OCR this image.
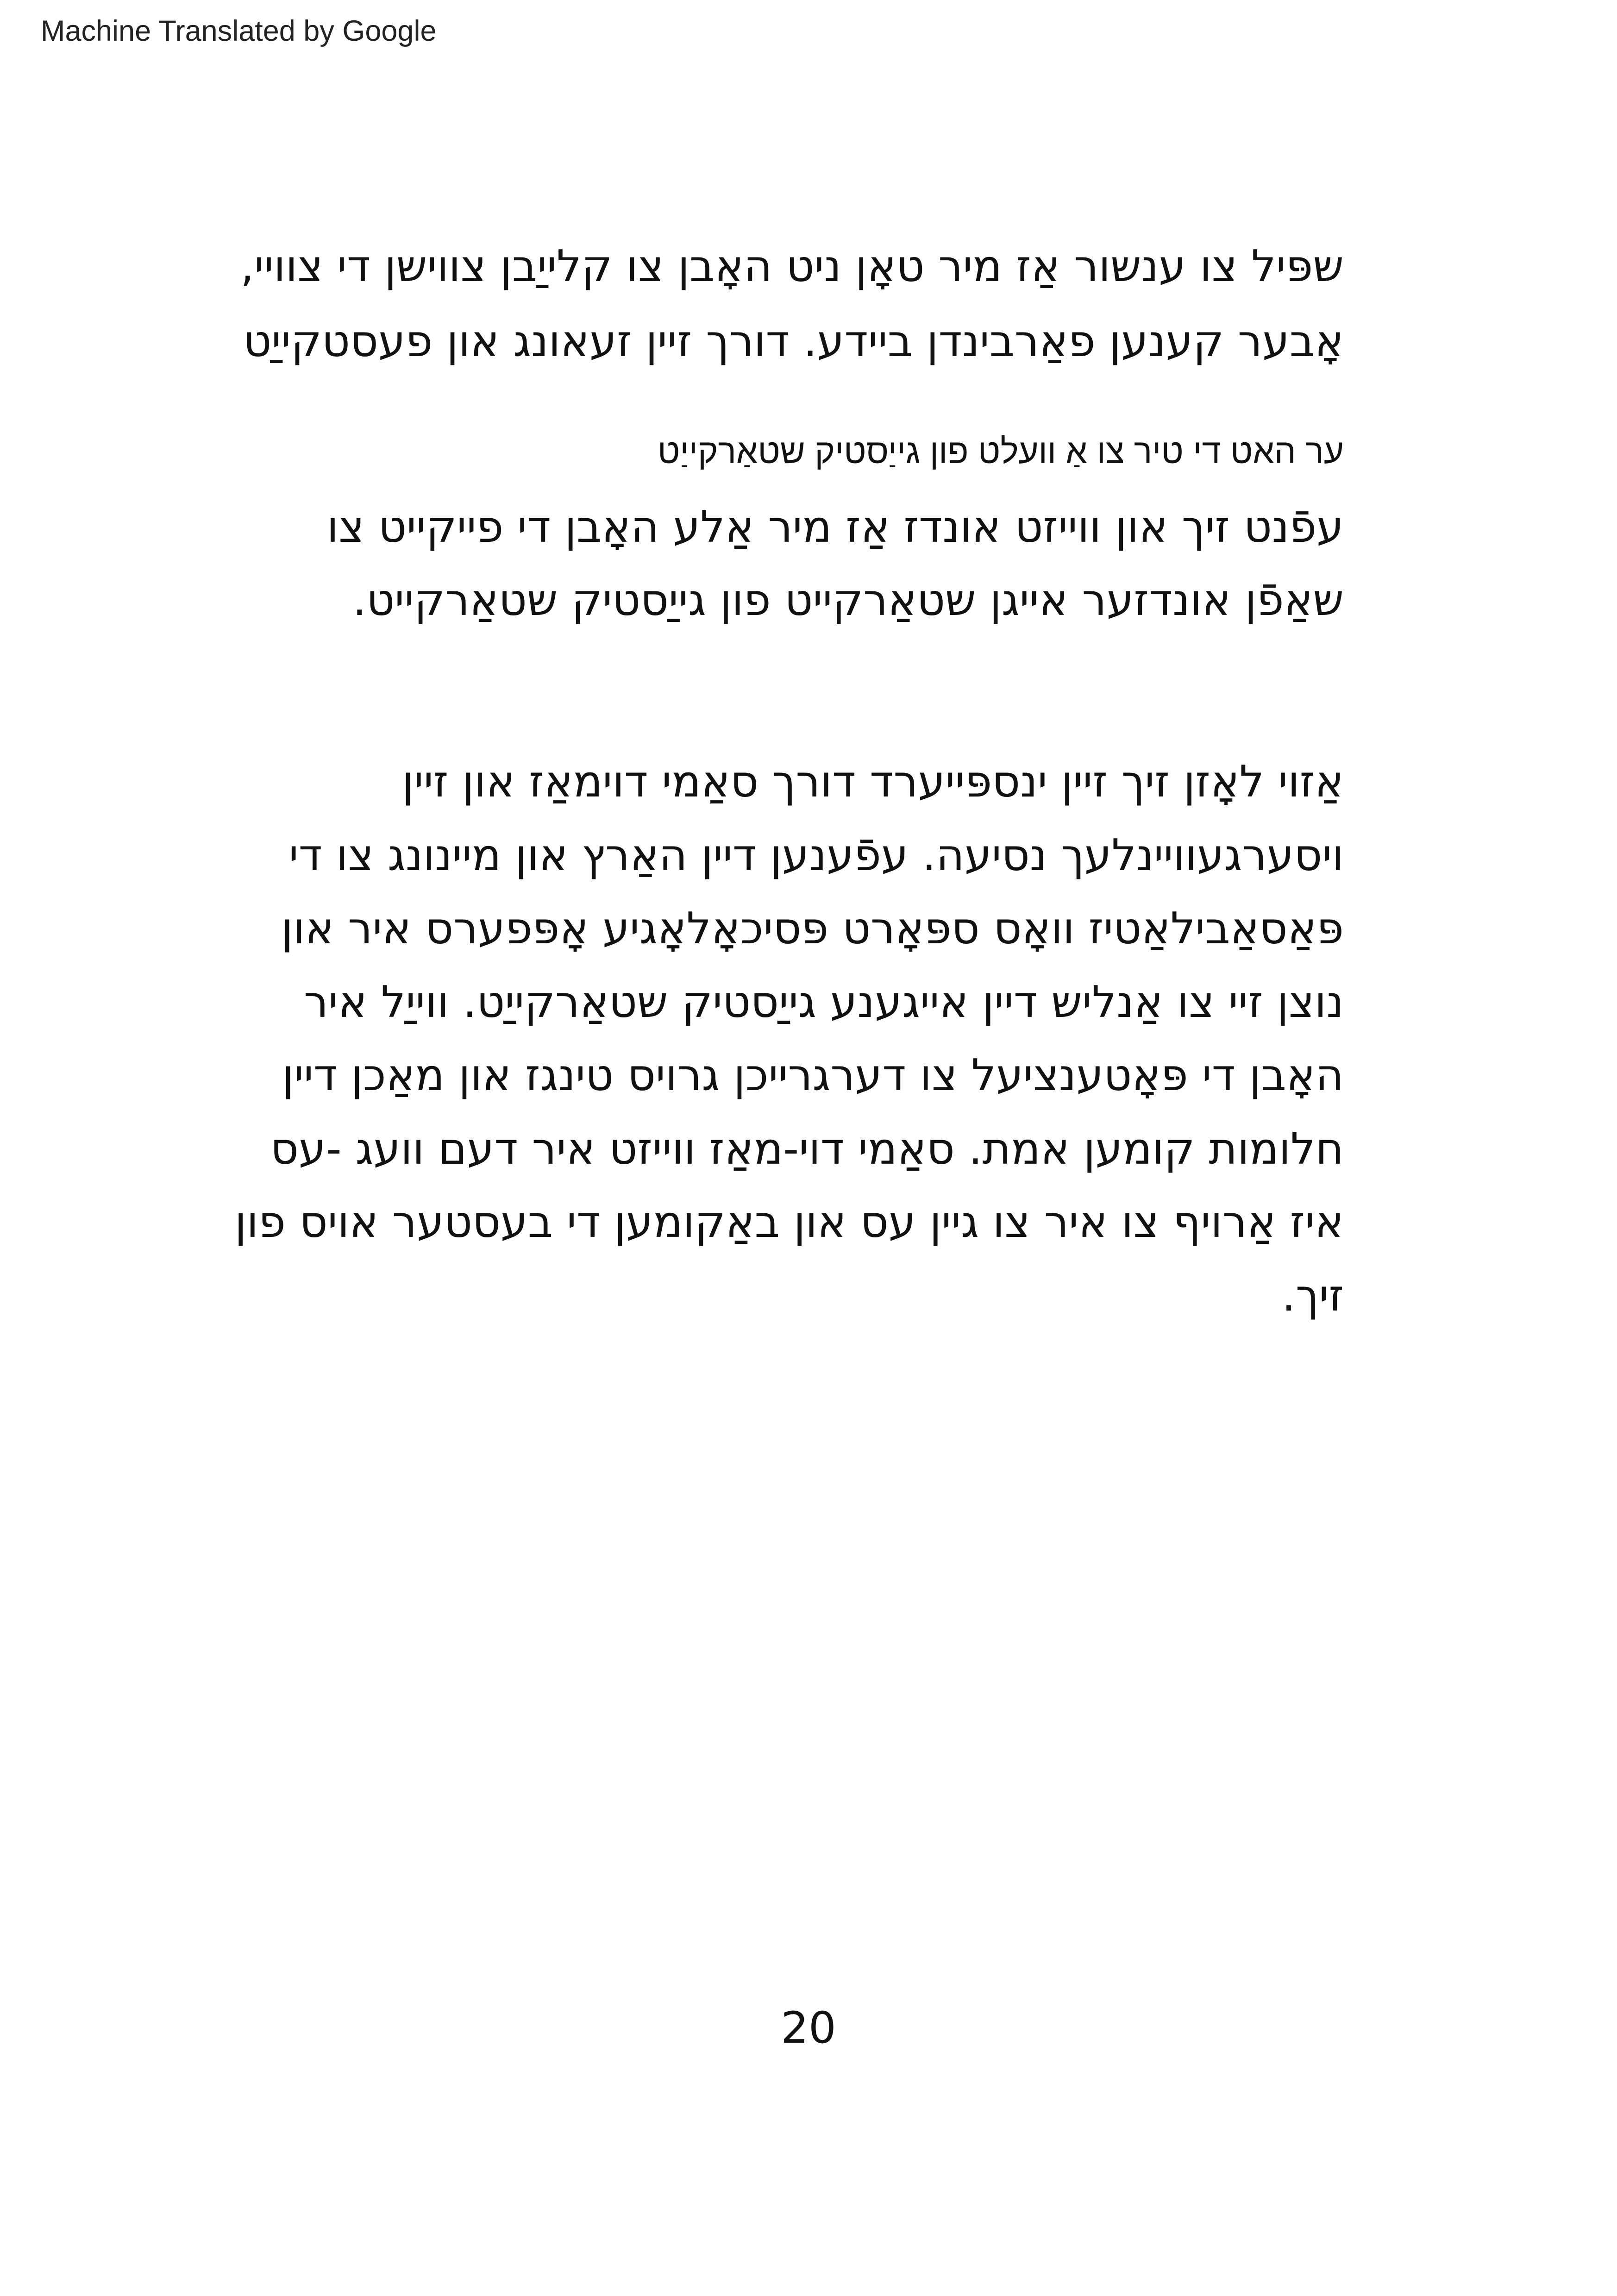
Machine Translated by Google

שפּיל צו ענשור אַז מיר טאָן ניט האָבן צו קלייַבן צווישן די צוויי,
אָבער קענען פאַרבינדן ביידע. דורך זיין זעאונג און פעסטקייַט

ער האט די טיר צו אַ וועלט פון גייַסטיק שטאַרקייַט

עפֿנט זיך און ווייזט אונדז אַז מיר אַלע האָבן די פייקייט צו
שאַפֿן אונדזער אייגן שטאַרקייט פון גייַסטיק שטאַרקייט.

אַזוי לאָזן זיך זיין ינספּייערד דורך סאַמי דוימאַז און זיין
ויסערגעוויינלעך נסיעה. עפֿענען דיין האַרץ און מיינונג צו די
פּאַסאַבילאַטיז וואָס ספּאָרט פּסיכאָלאָגיע אָפּפערס איר און
נוצן זיי צו אַנליש דיין אייגענע גייַסטיק שטאַרקייַט. ווייַל איר
האָבן די פּאָטענציעל צו דערגרייכן גרויס טינגז און מאַכן דיין
חלומות קומען אמת. סאַמי דוי-מאַז ווייזט איר דעם וועג -עס
איז אַרויף צו איר צו גיין עס און באַקומען די בעסטער אויס פון
זיך.

20
